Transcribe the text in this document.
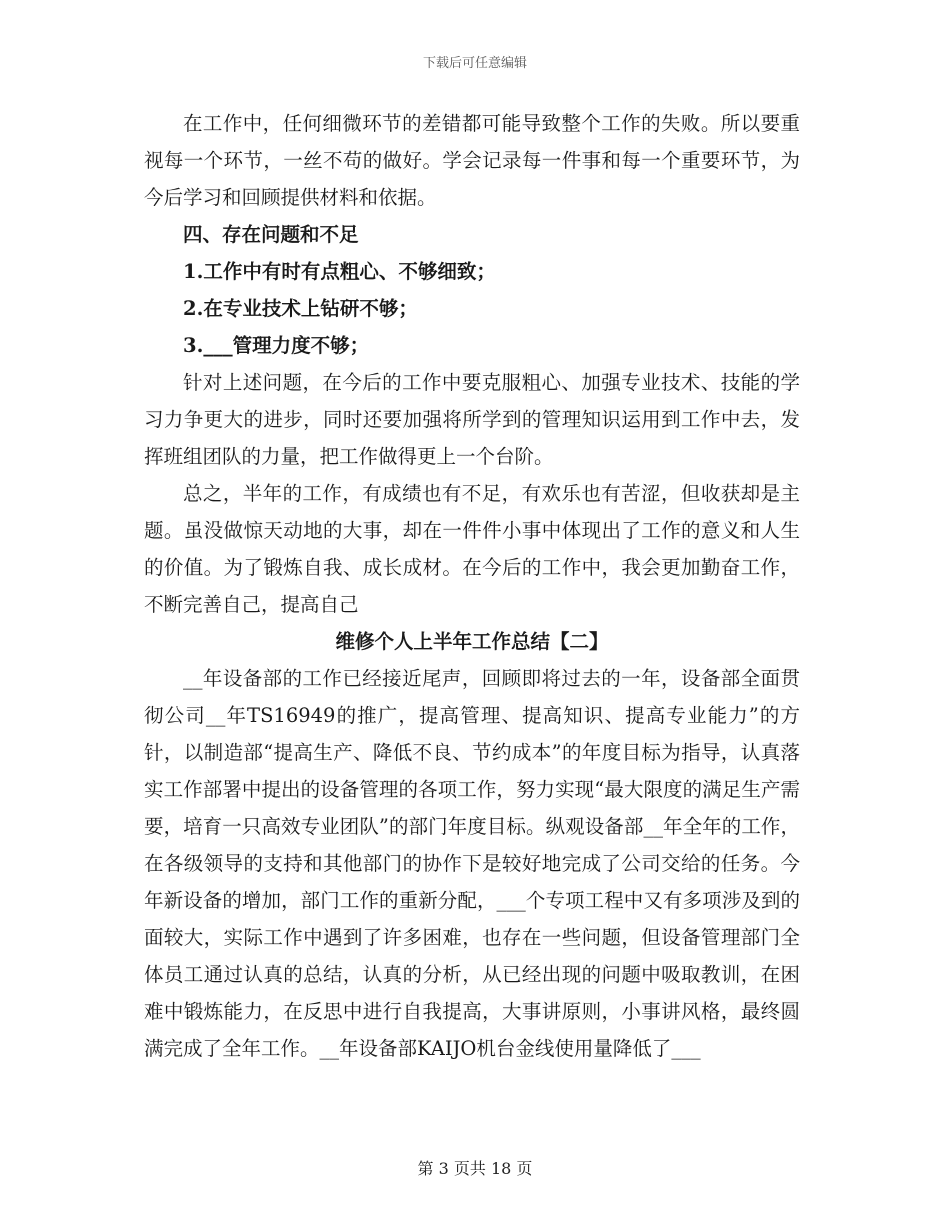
下载后可任意编辑

在工作中，任何细微环节的差错都可能导致整个工作的失败。所以要重视每一个环节，一丝不苟的做好。学会记录每一件事和每一个重要环节，为今后学习和回顾提供材料和依据。

四、存在问题和不足

1.工作中有时有点粗心、不够细致；

2.在专业技术上钻研不够；

3.___管理力度不够；

针对上述问题，在今后的工作中要克服粗心、加强专业技术、技能的学习力争更大的进步，同时还要加强将所学到的管理知识运用到工作中去，发挥班组团队的力量，把工作做得更上一个台阶。

总之，半年的工作，有成绩也有不足，有欢乐也有苦涩，但收获却是主题。虽没做惊天动地的大事，却在一件件小事中体现出了工作的意义和人生的价值。为了锻炼自我、成长成材。在今后的工作中，我会更加勤奋工作，不断完善自己，提高自己

维修个人上半年工作总结【二】

__年设备部的工作已经接近尾声，回顾即将过去的一年，设备部全面贯彻公司__年TS16949的推广，提高管理、提高知识、提高专业能力”的方针，以制造部“提高生产、降低不良、节约成本”的年度目标为指导，认真落实工作部署中提出的设备管理的各项工作，努力实现“最大限度的满足生产需要，培育一只高效专业团队”的部门年度目标。纵观设备部__年全年的工作，在各级领导的支持和其他部门的协作下是较好地完成了公司交给的任务。今年新设备的增加，部门工作的重新分配，___个专项工程中又有多项涉及到的面较大，实际工作中遇到了许多困难，也存在一些问题，但设备管理部门全体员工通过认真的总结，认真的分析，从已经出现的问题中吸取教训，在困难中锻炼能力，在反思中进行自我提高，大事讲原则，小事讲风格，最终圆满完成了全年工作。__年设备部KAIJO机台金线使用量降低了___

第 3 页共 18 页
